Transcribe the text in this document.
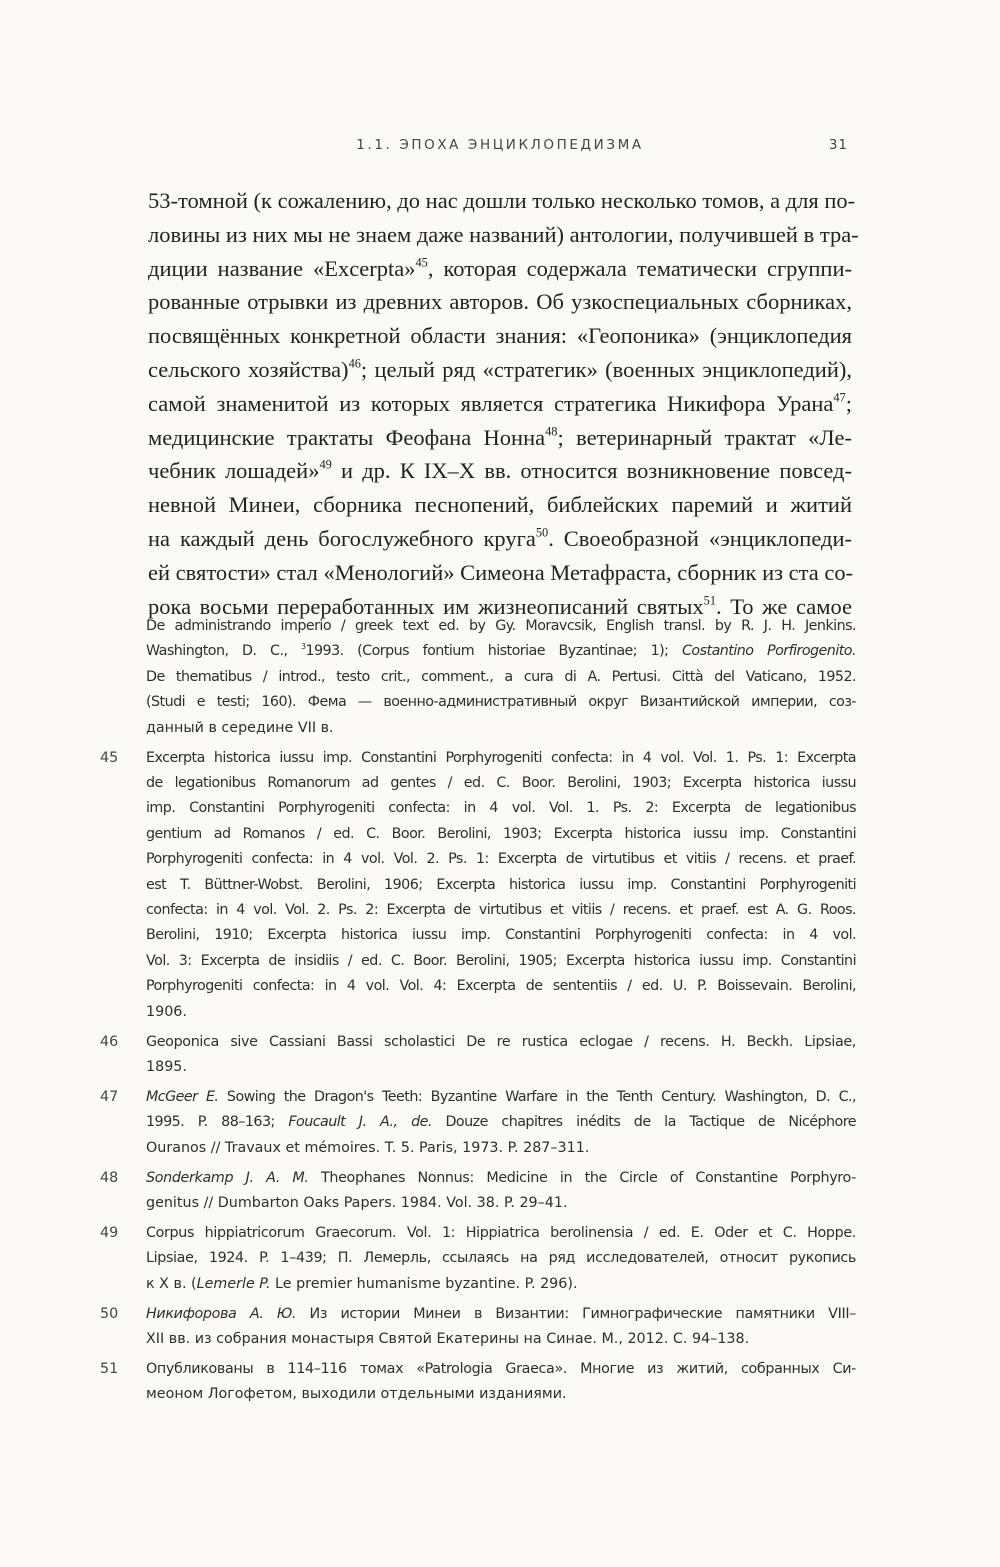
1.1. ЭПОХА ЭНЦИКЛОПЕДИЗМА	31
53-томной (к сожалению, до нас дошли только несколько томов, а для по-
ловины из них мы не знаем даже названий) антологии, получившей в тра-
диции название «Excerpta»$^{45}$, которая содержала тематически сгруппи-
рованные отрывки из древних авторов. Об узкоспециальных сборниках,
посвящённых конкретной области знания: «Геопоника» (энциклопедия
сельского хозяйства)$^{46}$; целый ряд «стратегик» (военных энциклопедий),
самой знаменитой из которых является стратегика Никифора Урана$^{47}$;
медицинские трактаты Феофана Нонна$^{48}$; ветеринарный трактат «Ле-
чебник лошадей»$^{49}$ и др. К IX–X вв. относится возникновение повсед-
невной Минеи, сборника песнопений, библейских паремий и житий
на каждый день богослужебного круга$^{50}$. Своеобразной «энциклопеди-
ей святости» стал «Менологий» Симеона Метафраста, сборник из ста со-
рока восьми переработанных им жизнеописаний святых$^{51}$. То же самое
De administrando imperio / greek text ed. by Gy. Moravcsik, English transl. by R. J. H. Jenkins.
Washington, D. C., $^3$1993. (Corpus fontium historiae Byzantinae; 1); Costantino Porfirogenito.
De thematibus / introd., testo crit., comment., a cura di A. Pertusi. Città del Vaticano, 1952.
(Studi e testi; 160). Фема — военно-административный округ Византийской империи, соз-
данный в середине VII в.
45	Excerpta historica iussu imp. Constantini Porphyrogeniti confecta: in 4 vol. Vol. 1. Ps. 1: Excerpta
de legationibus Romanorum ad gentes / ed. C. Boor. Berolini, 1903; Excerpta historica iussu
imp. Constantini Porphyrogeniti confecta: in 4 vol. Vol. 1. Ps. 2: Excerpta de legationibus
gentium ad Romanos / ed. C. Boor. Berolini, 1903; Excerpta historica iussu imp. Constantini
Porphyrogeniti confecta: in 4 vol. Vol. 2. Ps. 1: Excerpta de virtutibus et vitiis / recens. et praef.
est T. Büttner-Wobst. Berolini, 1906; Excerpta historica iussu imp. Constantini Porphyrogeniti
confecta: in 4 vol. Vol. 2. Ps. 2: Excerpta de virtutibus et vitiis / recens. et praef. est A. G. Roos.
Berolini, 1910; Excerpta historica iussu imp. Constantini Porphyrogeniti confecta: in 4 vol.
Vol. 3: Excerpta de insidiis / ed. C. Boor. Berolini, 1905; Excerpta historica iussu imp. Constantini
Porphyrogeniti confecta: in 4 vol. Vol. 4: Excerpta de sententiis / ed. U. P. Boissevain. Berolini,
1906.
46	Geoponica sive Cassiani Bassi scholastici De re rustica eclogae / recens. H. Beckh. Lipsiae,
1895.
47	McGeer E. Sowing the Dragon's Teeth: Byzantine Warfare in the Tenth Century. Washington, D. C.,
1995. P. 88–163; Foucault J. A., de. Douze chapitres inédits de la Tactique de Nicéphore
Ouranos // Travaux et mémoires. T. 5. Paris, 1973. P. 287–311.
48	Sonderkamp J. A. M. Theophanes Nonnus: Medicine in the Circle of Constantine Porphyro-
genitus // Dumbarton Oaks Papers. 1984. Vol. 38. P. 29–41.
49	Corpus hippiatricorum Graecorum. Vol. 1: Hippiatrica berolinensia / ed. E. Oder et C. Hoppe.
Lipsiae, 1924. P. 1–439; П. Лемерль, ссылаясь на ряд исследователей, относит рукопись
к X в. (Lemerle P. Le premier humanisme byzantine. P. 296).
50	Никифорова А. Ю. Из истории Минеи в Византии: Гимнографические памятники VIII–
XII вв. из собрания монастыря Святой Екатерины на Синае. М., 2012. С. 94–138.
51	Опубликованы в 114–116 томах «Patrologia Graeca». Многие из житий, собранных Си-
меоном Логофетом, выходили отдельными изданиями.
